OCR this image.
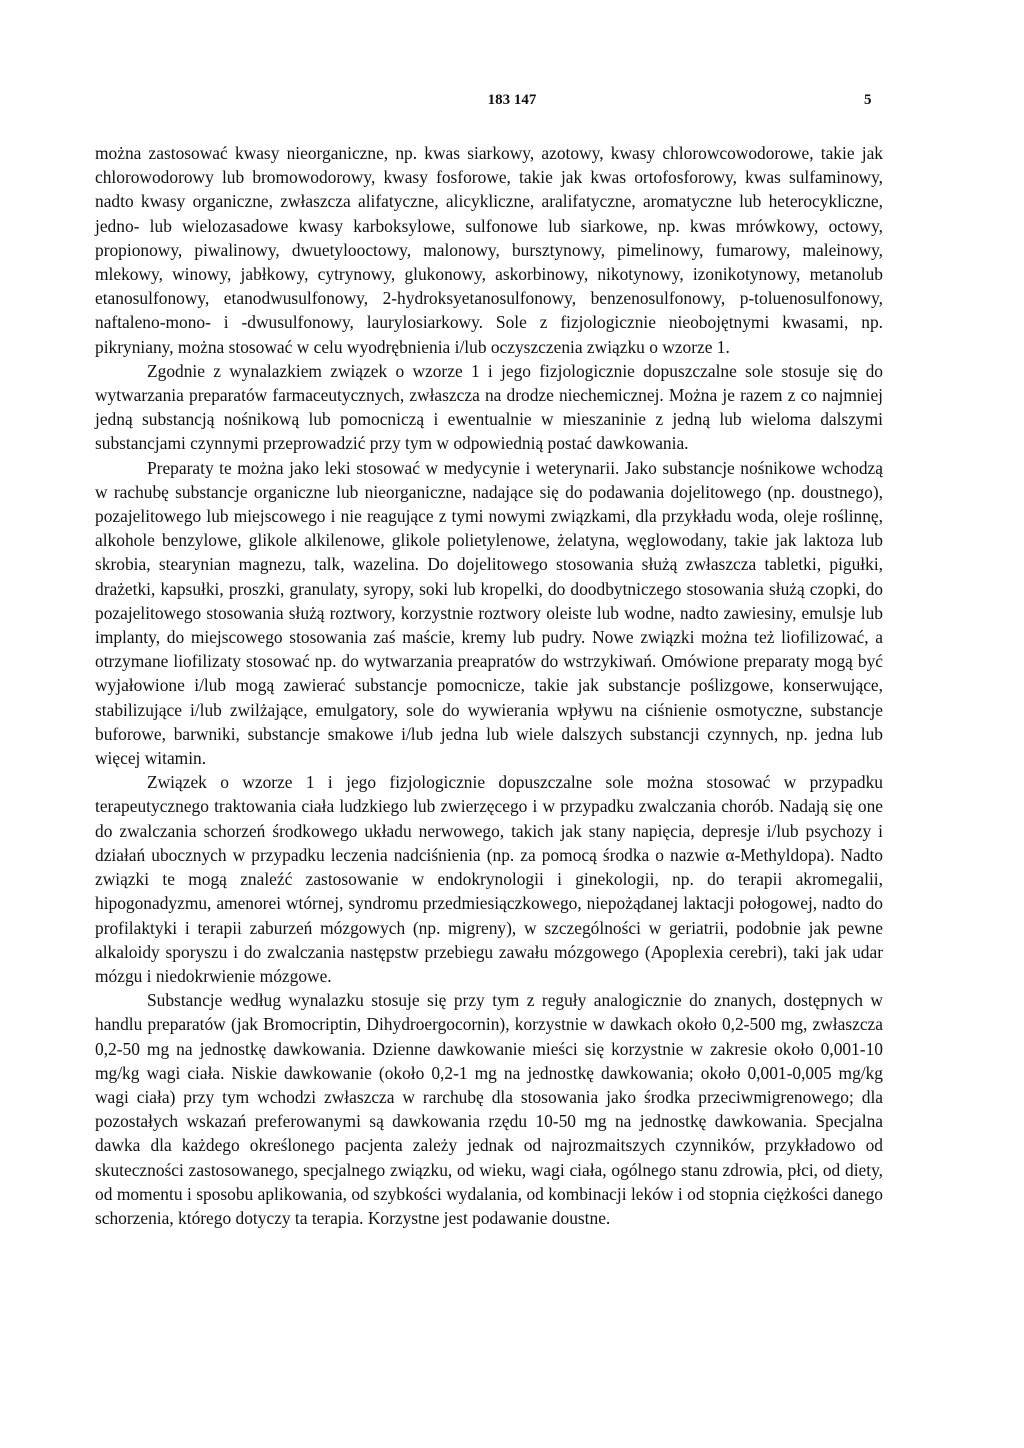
183 147	5

można zastosować kwasy nieorganiczne, np. kwas siarkowy, azotowy, kwasy chlorowcowodorowe, takie jak chlorowodorowy lub bromowodorowy, kwasy fosforowe, takie jak kwas ortofosforowy, kwas sulfaminowy, nadto kwasy organiczne, zwłaszcza alifatyczne, alicykliczne, aralifatyczne, aromatyczne lub heterocykliczne, jedno- lub wielozasadowe kwasy karboksylowe, sulfonowe lub siarkowe, np. kwas mrówkowy, octowy, propionowy, piwalinowy, dwuetylooctowy, malonowy, bursztynowy, pimelinowy, fumarowy, maleinowy, mlekowy, winowy, jabłkowy, cytrynowy, glukonowy, askorbinowy, nikotynowy, izonikotynowy, metanolub etanosulfonowy, etanodwusulfonowy, 2-hydroksyetanosulfonowy, benzenosulfonowy, p-toluenosulfonowy, naftaleno-mono- i -dwusulfonowy, laurylosiarkowy. Sole z fizjologicznie nieobojętnymi kwasami, np. pikryniany, można stosować w celu wyodrębnienia i/lub oczyszczenia związku o wzorze 1.

Zgodnie z wynalazkiem związek o wzorze 1 i jego fizjologicznie dopuszczalne sole stosuje się do wytwarzania preparatów farmaceutycznych, zwłaszcza na drodze niechemicznej. Można je razem z co najmniej jedną substancją nośnikową lub pomocniczą i ewentualnie w mieszaninie z jedną lub wieloma dalszymi substancjami czynnymi przeprowadzić przy tym w odpowiednią postać dawkowania.

Preparaty te można jako leki stosować w medycynie i weterynarii. Jako substancje nośnikowe wchodzą w rachubę substancje organiczne lub nieorganiczne, nadające się do podawania dojelitowego (np. doustnego), pozajelitowego lub miejscowego i nie reagujące z tymi nowymi związkami, dla przykładu woda, oleje roślinnę, alkohole benzylowe, glikole alkilenowe, glikole polietylenowe, żelatyna, węglowodany, takie jak laktoza lub skrobia, stearynian magnezu, talk, wazelina. Do dojelitowego stosowania służą zwłaszcza tabletki, pigułki, drażetki, kapsułki, proszki, granulaty, syropy, soki lub kropelki, do doodbytniczego stosowania służą czopki, do pozajelitowego stosowania służą roztwory, korzystnie roztwory oleiste lub wodne, nadto zawiesiny, emulsje lub implanty, do miejscowego stosowania zaś maście, kremy lub pudry. Nowe związki można też liofilizować, a otrzymane liofilizaty stosować np. do wytwarzania preapratów do wstrzykiwań. Omówione preparaty mogą być wyjałowione i/lub mogą zawierać substancje pomocnicze, takie jak substancje poślizgowe, konserwujące, stabilizujące i/lub zwilżające, emulgatory, sole do wywierania wpływu na ciśnienie osmotyczne, substancje buforowe, barwniki, substancje smakowe i/lub jedna lub wiele dalszych substancji czynnych, np. jedna lub więcej witamin.

Związek o wzorze 1 i jego fizjologicznie dopuszczalne sole można stosować w przypadku terapeutycznego traktowania ciała ludzkiego lub zwierzęcego i w przypadku zwalczania chorób. Nadają się one do zwalczania schorzeń środkowego układu nerwowego, takich jak stany napięcia, depresje i/lub psychozy i działań ubocznych w przypadku leczenia nadciśnienia (np. za pomocą środka o nazwie α-Methyldopa). Nadto związki te mogą znaleźć zastosowanie w endokrynologii i ginekologii, np. do terapii akromegalii, hipogonadyzmu, amenorei wtórnej, syndromu przedmiesiączkowego, niepożądanej laktacji połogowej, nadto do profilaktyki i terapii zaburzeń mózgowych (np. migreny), w szczególności w geriatrii, podobnie jak pewne alkaloidy sporyszu i do zwalczania następstw przebiegu zawału mózgowego (Apoplexia cerebri), taki jak udar mózgu i niedokrwienie mózgowe.

Substancje według wynalazku stosuje się przy tym z reguły analogicznie do znanych, dostępnych w handlu preparatów (jak Bromocriptin, Dihydroergocornin), korzystnie w dawkach około 0,2-500 mg, zwłaszcza 0,2-50 mg na jednostkę dawkowania. Dzienne dawkowanie mieści się korzystnie w zakresie około 0,001-10 mg/kg wagi ciała. Niskie dawkowanie (około 0,2-1 mg na jednostkę dawkowania; około 0,001-0,005 mg/kg wagi ciała) przy tym wchodzi zwłaszcza w rarchubę dla stosowania jako środka przeciwmigrenowego; dla pozostałych wskazań preferowanymi są dawkowania rzędu 10-50 mg na jednostkę dawkowania. Specjalna dawka dla każdego określonego pacjenta zależy jednak od najrozmaitszych czynników, przykładowo od skuteczności zastosowanego, specjalnego związku, od wieku, wagi ciała, ogólnego stanu zdrowia, płci, od diety, od momentu i sposobu aplikowania, od szybkości wydalania, od kombinacji leków i od stopnia ciężkości danego schorzenia, którego dotyczy ta terapia. Korzystne jest podawanie doustne.
